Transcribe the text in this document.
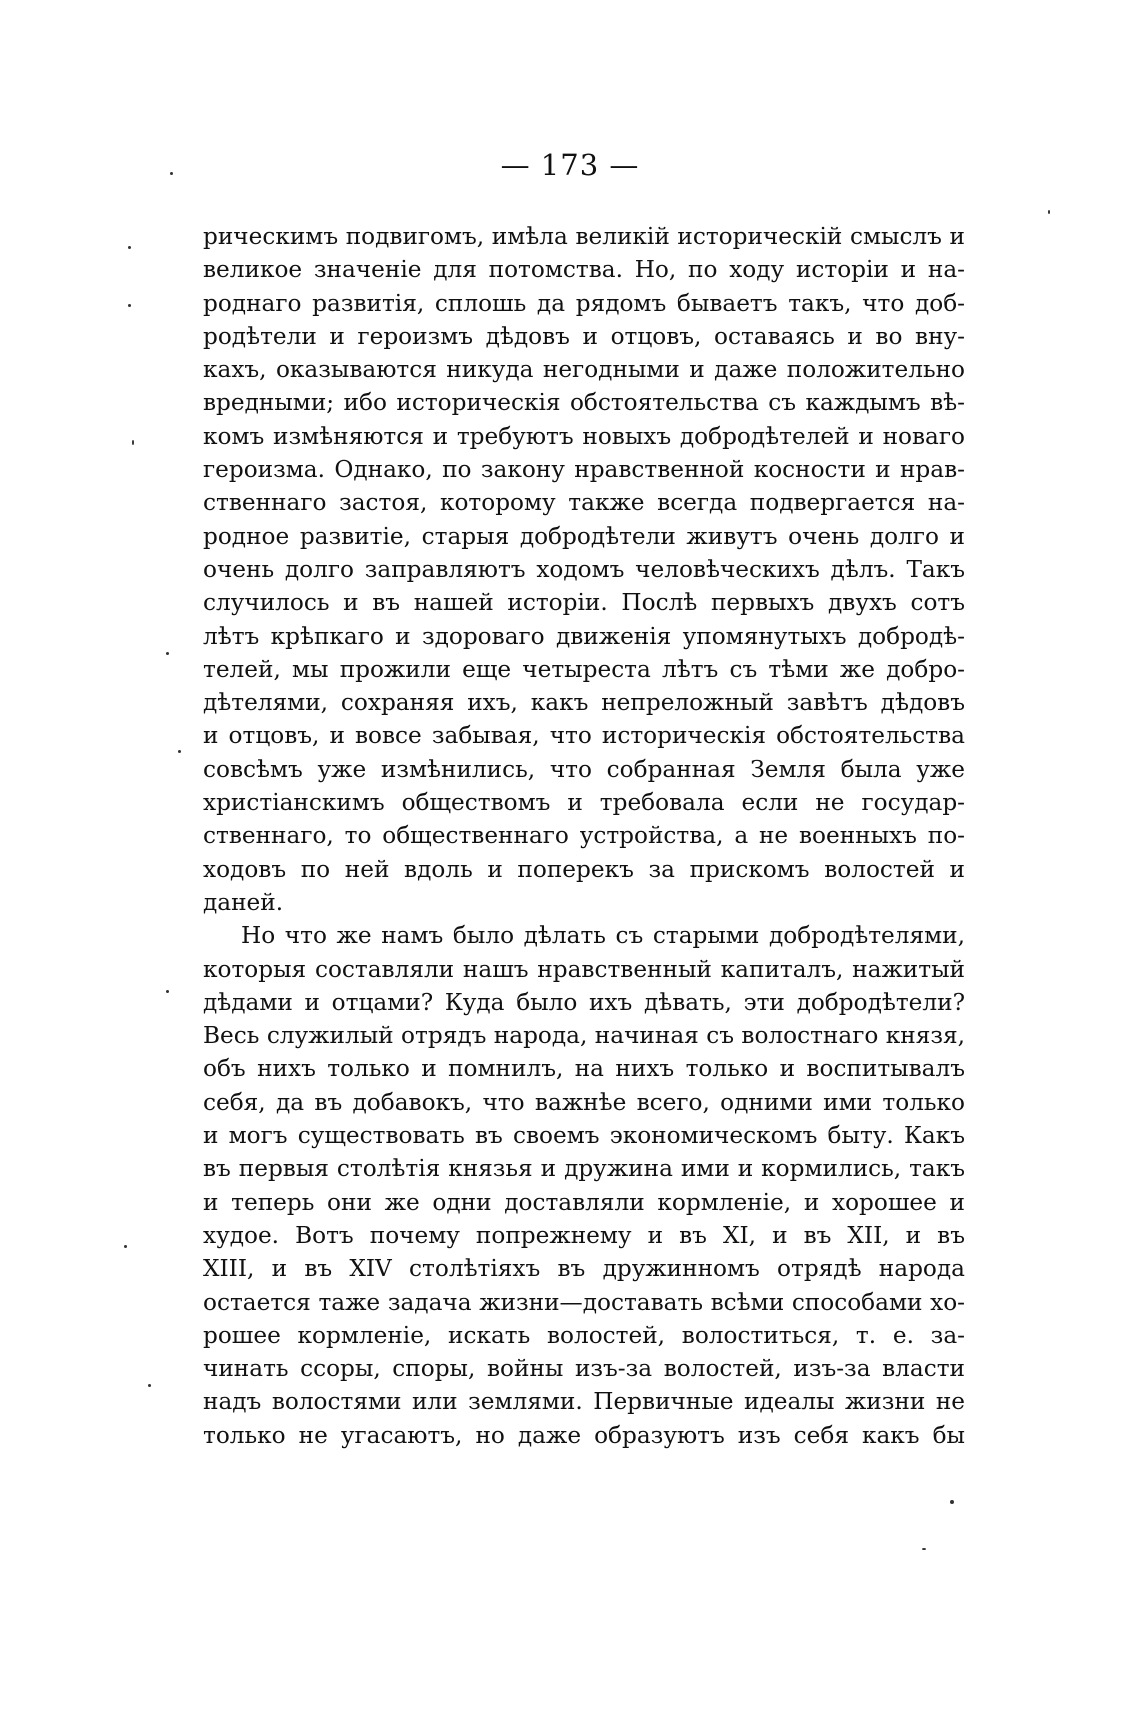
— 173 —
рическимъ подвигомъ, имѣла великій историческій смыслъ и
великое значеніе для потомства. Но, по ходу исторіи и на-
роднаго развитія, сплошь да рядомъ бываетъ такъ, что доб-
родѣтели и героизмъ дѣдовъ и отцовъ, оставаясь и во вну-
кахъ, оказываются никуда негодными и даже положительно
вредными; ибо историческія обстоятельства съ каждымъ вѣ-
комъ измѣняются и требуютъ новыхъ добродѣтелей и новаго
героизма. Однако, по закону нравственной косности и нрав-
ственнаго застоя, которому также всегда подвергается на-
родное развитіе, старыя добродѣтели живутъ очень долго и
очень долго заправляютъ ходомъ человѣческихъ дѣлъ. Такъ
случилось и въ нашей исторіи. Послѣ первыхъ двухъ сотъ
лѣтъ крѣпкаго и здороваго движенія упомянутыхъ добродѣ-
телей, мы прожили еще четыреста лѣтъ съ тѣми же добро-
дѣтелями, сохраняя ихъ, какъ непреложный завѣтъ дѣдовъ
и отцовъ, и вовсе забывая, что историческія обстоятельства
совсѣмъ уже измѣнились, что собранная Земля была уже
христіанскимъ обществомъ и требовала если не государ-
ственнаго, то общественнаго устройства, а не военныхъ по-
ходовъ по ней вдоль и поперекъ за прискомъ волостей и
даней.
Но что же намъ было дѣлать съ старыми добродѣтелями,
которыя составляли нашъ нравственный капиталъ, нажитый
дѣдами и отцами? Куда было ихъ дѣвать, эти добродѣтели?
Весь служилый отрядъ народа, начиная съ волостнаго князя,
объ нихъ только и помнилъ, на нихъ только и воспитывалъ
себя, да въ добавокъ, что важнѣе всего, одними ими только
и могъ существовать въ своемъ экономическомъ быту. Какъ
въ первыя столѣтія князья и дружина ими и кормились, такъ
и теперь они же одни доставляли кормленіе, и хорошее и
худое. Вотъ почему попрежнему и въ XI, и въ XII, и въ
XIII, и въ XIV столѣтіяхъ въ дружинномъ отрядѣ народа
остается таже задача жизни—доставать всѣми способами хо-
рошее кормленіе, искать волостей, волоститься, т. е. за-
чинать ссоры, споры, войны изъ-за волостей, изъ-за власти
надъ волостями или землями. Первичные идеалы жизни не
только не угасаютъ, но даже образуютъ изъ себя какъ бы
